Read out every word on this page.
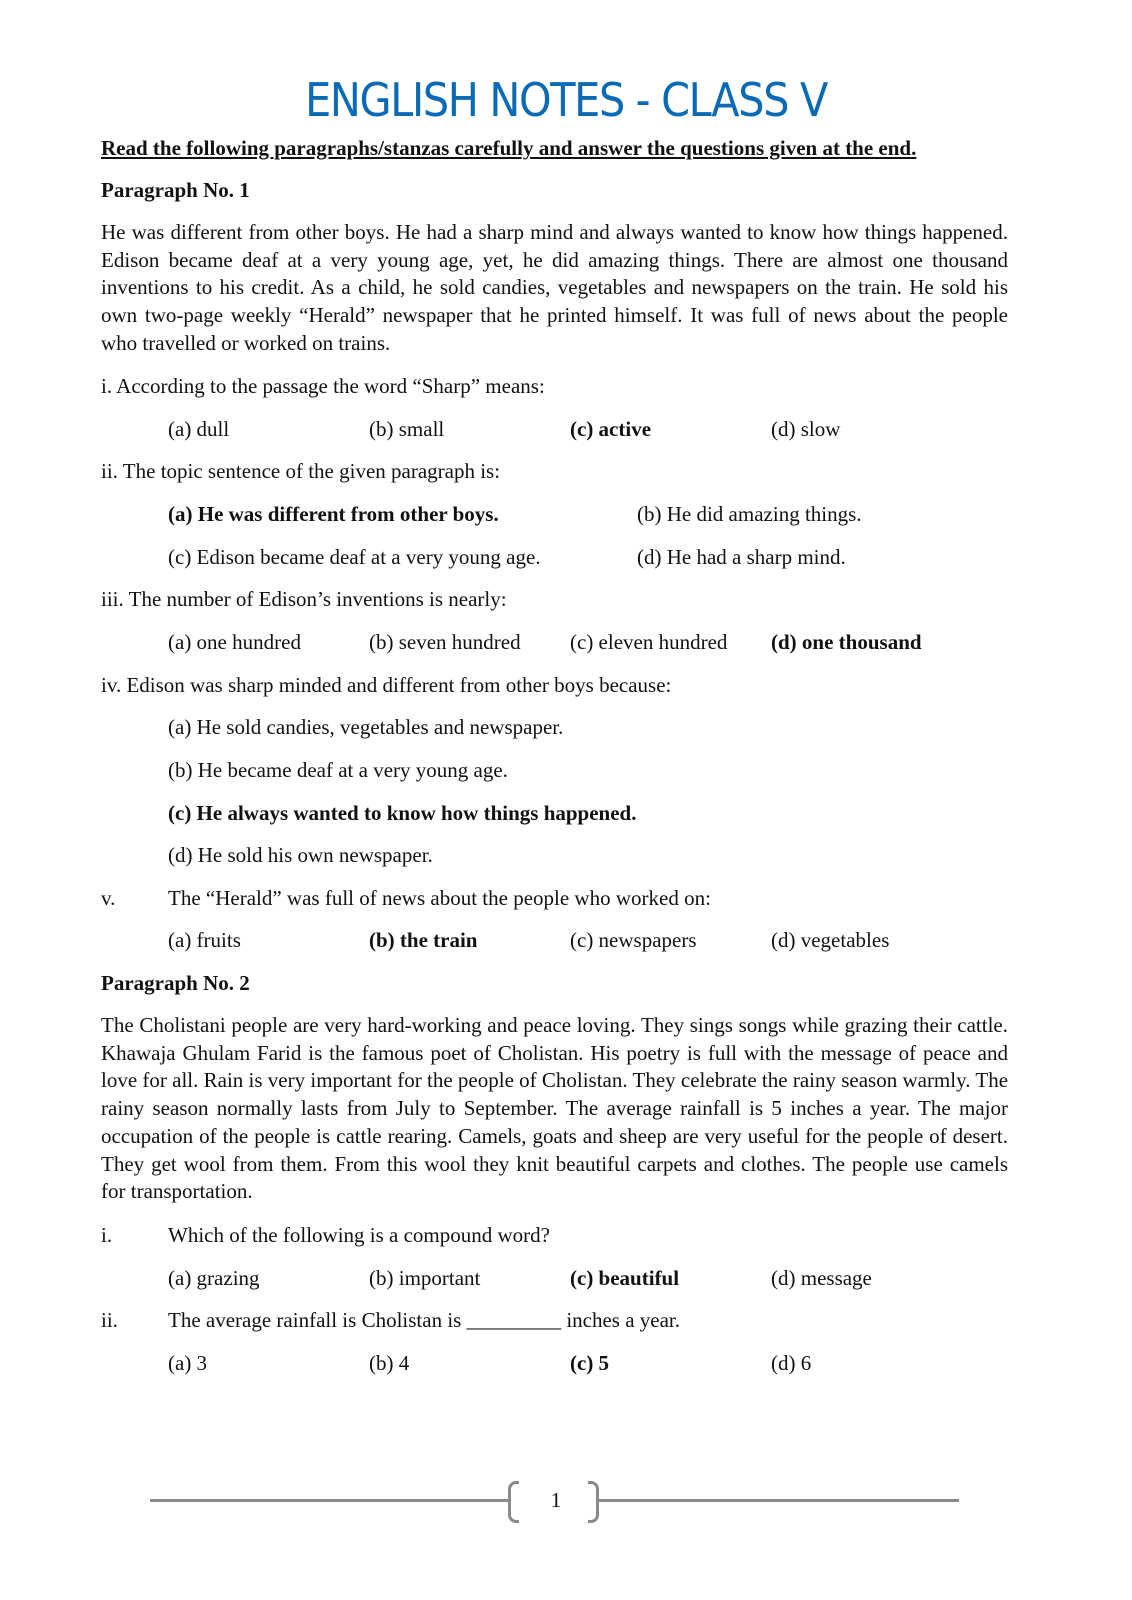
ENGLISH NOTES - CLASS V
Read the following paragraphs/stanzas carefully and answer the questions given at the end.
Paragraph No. 1
He was different from other boys. He had a sharp mind and always wanted to know how things happened. Edison became deaf at a very young age, yet, he did amazing things. There are almost one thousand inventions to his credit. As a child, he sold candies, vegetables and newspapers on the train. He sold his own two-page weekly “Herald” newspaper that he printed himself. It was full of news about the people who travelled or worked on trains.
i. According to the passage the word “Sharp” means:
(a) dull	(b) small	(c) active	(d) slow
ii. The topic sentence of the given paragraph is:
(a) He was different from other boys.	(b) He did amazing things.
(c) Edison became deaf at a very young age.	(d) He had a sharp mind.
iii. The number of Edison’s inventions is nearly:
(a) one hundred	(b) seven hundred (c) eleven hundred (d) one thousand
iv. Edison was sharp minded and different from other boys because:
(a) He sold candies, vegetables and newspaper.
(b) He became deaf at a very young age.
(c) He always wanted to know how things happened.
(d) He sold his own newspaper.
v.	The “Herald” was full of news about the people who worked on:
(a) fruits	(b) the train	(c) newspapers	(d) vegetables
Paragraph No. 2
The Cholistani people are very hard-working and peace loving. They sings songs while grazing their cattle. Khawaja Ghulam Farid is the famous poet of Cholistan. His poetry is full with the message of peace and love for all. Rain is very important for the people of Cholistan. They celebrate the rainy season warmly. The rainy season normally lasts from July to September. The average rainfall is 5 inches a year. The major occupation of the people is cattle rearing. Camels, goats and sheep are very useful for the people of desert. They get wool from them. From this wool they knit beautiful carpets and clothes. The people use camels for transportation.
i.	Which of the following is a compound word?
(a) grazing	(b) important	(c) beautiful	(d) message
ii. The average rainfall is Cholistan is _________ inches a year.
(a) 3	(b) 4	(c) 5	(d) 6
1
